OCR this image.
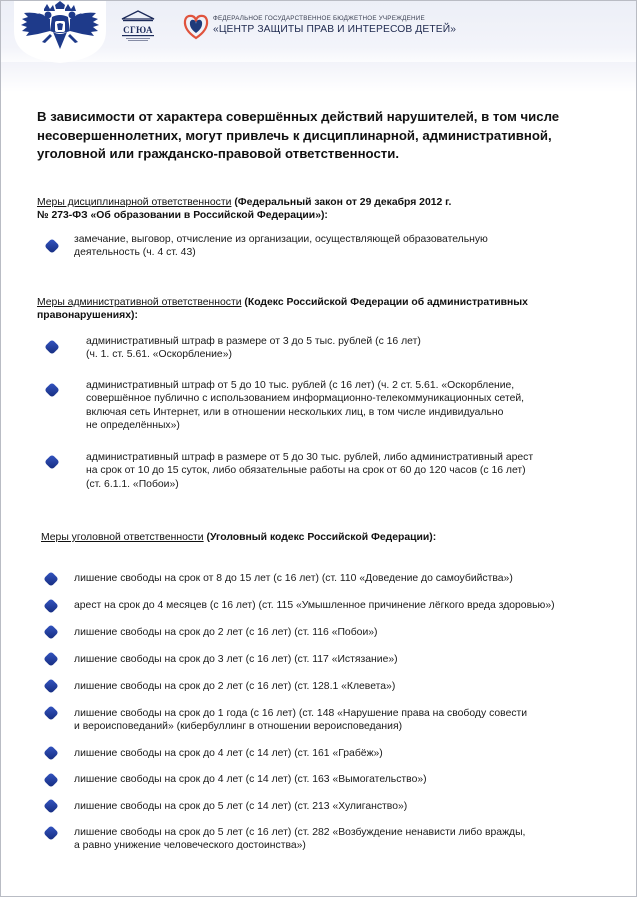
СГЮА
ФЕДЕРАЛЬНОЕ ГОСУДАРСТВЕННОЕ БЮДЖЕТНОЕ УЧРЕЖДЕНИЕ
«ЦЕНТР ЗАЩИТЫ ПРАВ И ИНТЕРЕСОВ ДЕТЕЙ»
В зависимости от характера совершённых действий нарушителей, в том числе
несовершеннолетних, могут привлечь к дисциплинарной, административной,
уголовной или гражданско-правовой ответственности.
Меры дисциплинарной ответственности (Федеральный закон от 29 декабря 2012 г.
№ 273-ФЗ «Об образовании в Российской Федерации»):
замечание, выговор, отчисление из организации, осуществляющей образовательную
деятельность (ч. 4 ст. 43)
Меры административной ответственности (Кодекс Российской Федерации об административных
правонарушениях):
административный штраф в размере от 3 до 5 тыс. рублей (с 16 лет)
(ч. 1. ст. 5.61. «Оскорбление»)
административный штраф от 5 до 10 тыс. рублей (с 16 лет) (ч. 2 ст. 5.61. «Оскорбление,
совершённое публично с использованием информационно-телекоммуникационных сетей,
включая сеть Интернет, или в отношении нескольких лиц, в том числе индивидуально
не определённых»)
административный штраф в размере от 5 до 30 тыс. рублей, либо административный арест
на срок от 10 до 15 суток, либо обязательные работы на срок от 60 до 120 часов (с 16 лет)
(ст. 6.1.1. «Побои»)
Меры уголовной ответственности (Уголовный кодекс Российской Федерации):
лишение свободы на срок от 8 до 15 лет (с 16 лет) (ст. 110 «Доведение до самоубийства»)
арест на срок до 4 месяцев (с 16 лет) (ст. 115 «Умышленное причинение лёгкого вреда здоровью»)
лишение свободы на срок до 2 лет (с 16 лет) (ст. 116 «Побои»)
лишение свободы на срок до 3 лет (с 16 лет) (ст. 117 «Истязание»)
лишение свободы на срок до 2 лет (с 16 лет) (ст. 128.1 «Клевета»)
лишение свободы на срок до 1 года (с 16 лет) (ст. 148 «Нарушение права на свободу совести
и вероисповеданий» (кибербуллинг в отношении вероисповедания)
лишение свободы на срок до 4 лет (с 14 лет) (ст. 161 «Грабёж»)
лишение свободы на срок до 4 лет (с 14 лет) (ст. 163 «Вымогательство»)
лишение свободы на срок до 5 лет (с 14 лет) (ст. 213 «Хулиганство»)
лишение свободы на срок до 5 лет (с 16 лет) (ст. 282 «Возбуждение ненависти либо вражды,
а равно унижение человеческого достоинства»)
